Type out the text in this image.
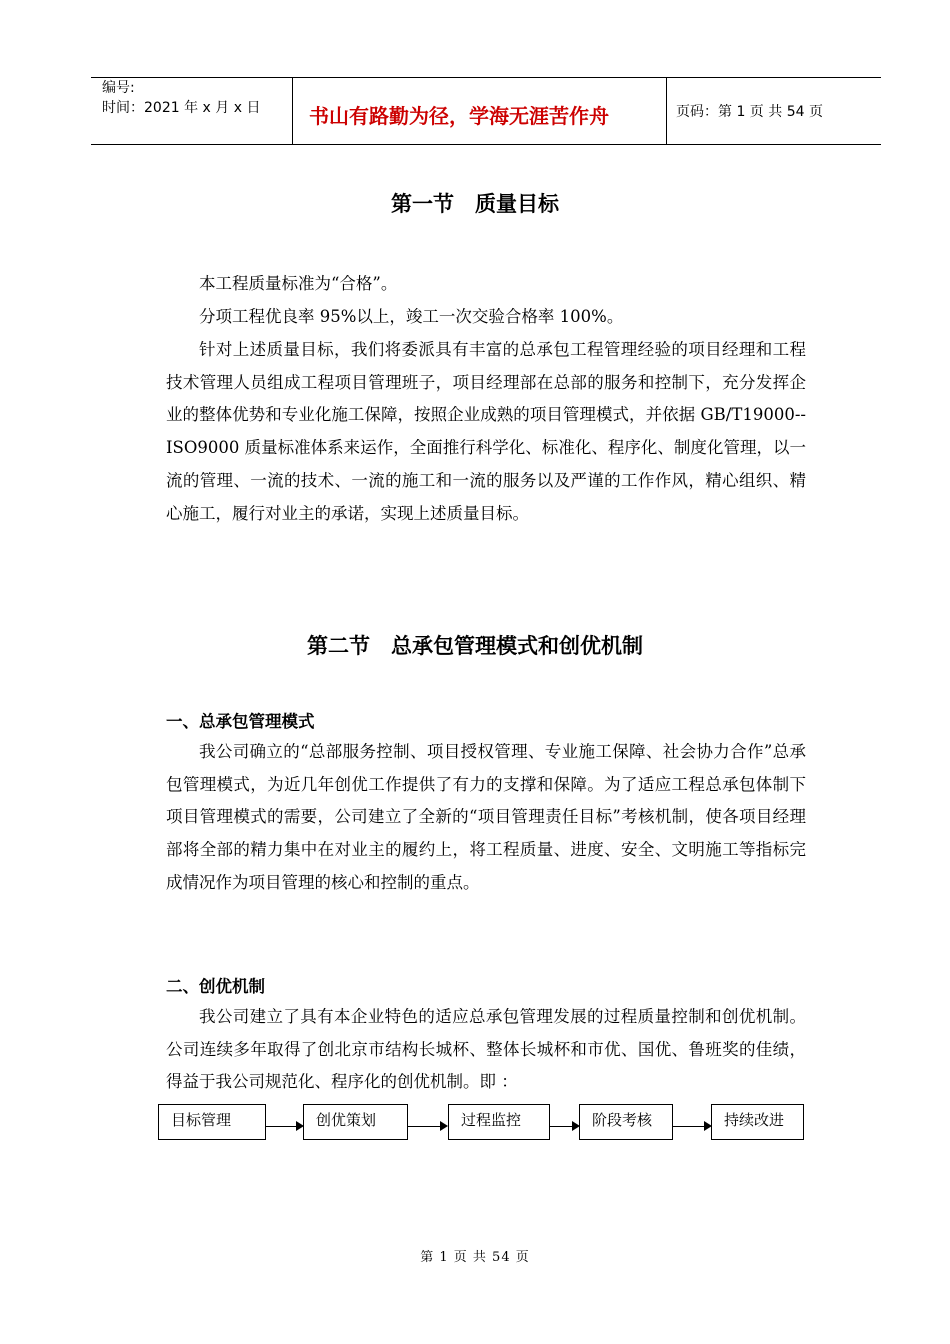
编号:
时间：2021 年 x 月 x 日 书山有路勤为径，学海无涯苦作舟	页码：第 1 页 共 54 页
第一节　质量目标

本工程质量标准为“合格”。

分项工程优良率 95%以上，竣工一次交验合格率 100%。

针对上述质量目标，我们将委派具有丰富的总承包工程管理经验的项目经理和工程技术管理人员组成工程项目管理班子，项目经理部在总部的服务和控制下，充分发挥企业的整体优势和专业化施工保障，按照企业成熟的项目管理模式，并依据 GB/T19000--ISO9000 质量标准体系来运作，全面推行科学化、标准化、程序化、制度化管理，以一流的管理、一流的技术、一流的施工和一流的服务以及严谨的工作作风，精心组织、精心施工，履行对业主的承诺，实现上述质量目标。

第二节　总承包管理模式和创优机制
一、总承包管理模式

我公司确立的“总部服务控制、项目授权管理、专业施工保障、社会协力合作”总承包管理模式，为近几年创优工作提供了有力的支撑和保障。为了适应工程总承包体制下项目管理模式的需要，公司建立了全新的“项目管理责任目标”考核机制，使各项目经理部将全部的精力集中在对业主的履约上，将工程质量、进度、安全、文明施工等指标完成情况作为项目管理的核心和控制的重点。

二、创优机制

我公司建立了具有本企业特色的适应总承包管理发展的过程质量控制和创优机制。公司连续多年取得了创北京市结构长城杯、整体长城杯和市优、国优、鲁班奖的佳绩，得益于我公司规范化、程序化的创优机制。即 ：

目标管理	创优策划	过程监控	阶段考核	持续改进
第 1 页 共 54 页
